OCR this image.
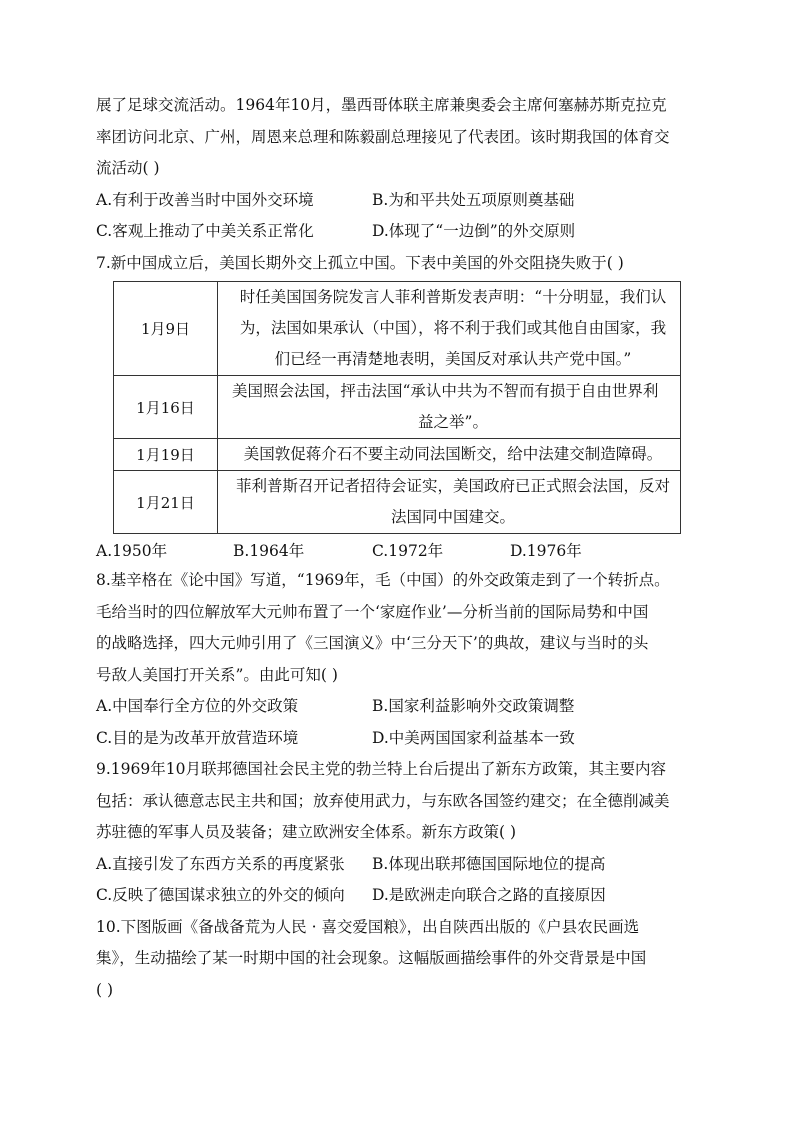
展了足球交流活动。1964年10月，墨西哥体联主席兼奥委会主席何塞赫苏斯克拉克
率团访问北京、广州，周恩来总理和陈毅副总理接见了代表团。该时期我国的体育交
流活动( )
A.有利于改善当时中国外交环境	B.为和平共处五项原则奠基础
C.客观上推动了中美关系正常化	D.体现了“一边倒”的外交原则
7.新中国成立后，美国长期外交上孤立中国。下表中美国的外交阻挠失败于( )
1月9日	时任美国国务院发言人菲利普斯发表声明：“十分明显，我们认
为，法国如果承认（中国），将不利于我们或其他自由国家，我
们已经一再清楚地表明，美国反对承认共产党中国。”

1月16日	美国照会法国，抨击法国“承认中共为不智而有损于自由世界利
益之举”。

1月19日	美国敦促蒋介石不要主动同法国断交，给中法建交制造障碍。

1月21日	菲利普斯召开记者招待会证实，美国政府已正式照会法国，反对
法国同中国建交。
A.1950年	B.1964年	C.1972年	D.1976年
8.基辛格在《论中国》写道，“1969年，毛（中国）的外交政策走到了一个转折点。
毛给当时的四位解放军大元帅布置了一个‘家庭作业’—分析当前的国际局势和中国
的战略选择，四大元帅引用了《三国演义》中‘三分天下’的典故，建议与当时的头
号敌人美国打开关系”。由此可知( )
A.中国奉行全方位的外交政策	B.国家利益影响外交政策调整
C.目的是为改革开放营造环境	D.中美两国国家利益基本一致
9.1969年10月联邦德国社会民主党的勃兰特上台后提出了新东方政策，其主要内容
包括：承认德意志民主共和国；放弃使用武力，与东欧各国签约建交；在全德削减美
苏驻德的军事人员及装备；建立欧洲安全体系。新东方政策( )
A.直接引发了东西方关系的再度紧张	B.体现出联邦德国国际地位的提高
C.反映了德国谋求独立的外交的倾向	D.是欧洲走向联合之路的直接原因
10.下图版画《备战备荒为人民 · 喜交爱国粮》，出自陕西出版的《户县农民画选
集》，生动描绘了某一时期中国的社会现象。这幅版画描绘事件的外交背景是中国
( )
